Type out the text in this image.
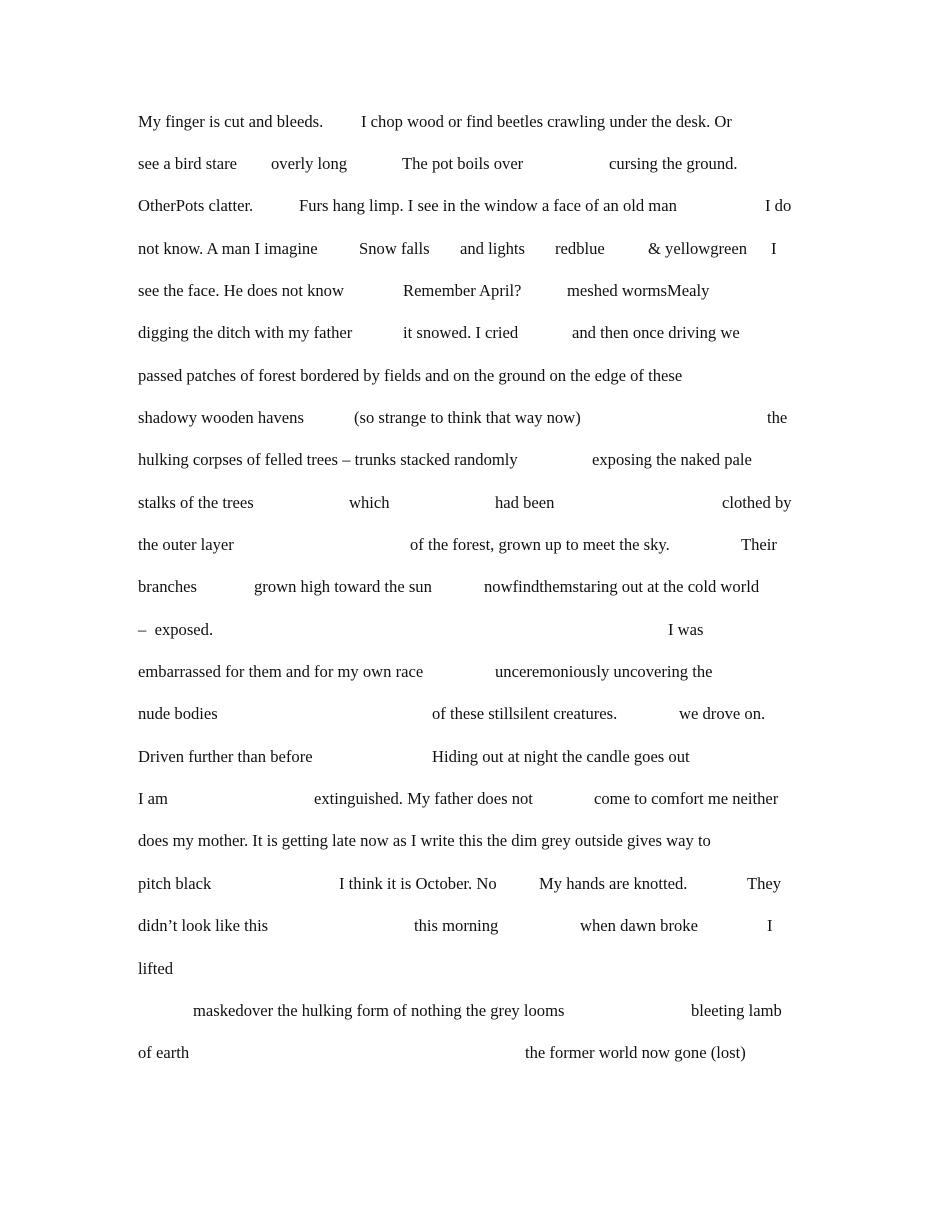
My finger is cut and bleeds. I chop wood or find beetles crawling under the desk. Or
see a bird stare overly long	The pot boils over	cursing the ground.
OtherPots clatter.	Furs hang limp. I see in the window a face of an old man	I do
not know. A man I imagine Snow falls and lights redblue	& yellowgreen I
see the face. He does not know	Remember April?	meshed wormsMealy
digging the ditch with my father	it snowed. I cried	and then once driving we
passed patches of forest bordered by fields and on the ground on the edge of these
shadowy wooden havens	(so strange to think that way now)	the
hulking corpses of felled trees – trunks stacked randomly	exposing the naked pale
stalks of the trees	which	had been	clothed by
the outer layer	of the forest, grown up to meet the sky.	Their
branches	grown high toward the sun	nowfindthemstaring out at the cold world
–  exposed.	I was
embarrassed for them and for my own race	unceremoniously uncovering the
nude bodies	of these stillsilent creatures.	we drove on.
Driven further than before	Hiding out at night the candle goes out
I am	extinguished. My father does not	come to comfort me neither
does my mother. It is getting late now as I write this the dim grey outside gives way to
pitch black	I think it is October. No	My hands are knotted.	They
didn’t look like this	this morning	when dawn broke	I
lifted
maskedover the hulking form of nothing the grey looms	bleeting lamb
of earth	the former world now gone (lost)
